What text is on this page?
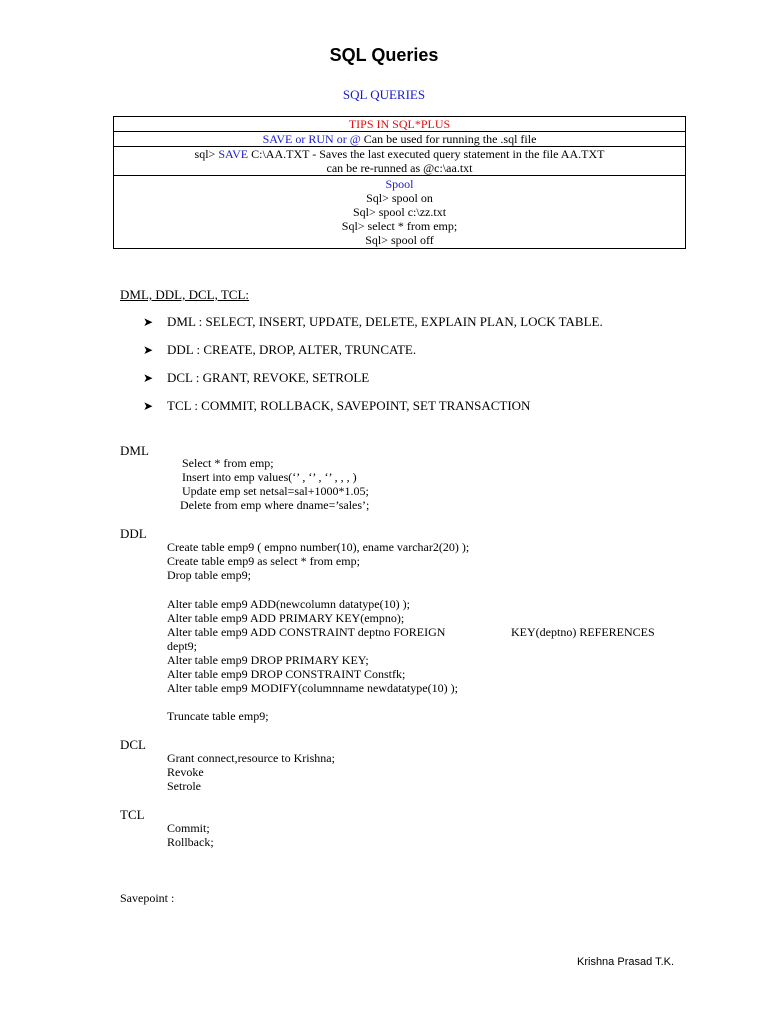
SQL Queries
SQL QUERIES
TIPS IN SQL*PLUS
SAVE or RUN or @ Can be used for running the .sql file
sql> SAVE C:\AA.TXT - Saves the last executed query statement in the file AA.TXT
can be re-runned as @c:\aa.txt
Spool
Sql> spool on
Sql> spool c:\zz.txt
Sql> select * from emp;
Sql> spool off
DML, DDL, DCL, TCL:
➤ DML : SELECT, INSERT, UPDATE, DELETE, EXPLAIN PLAN, LOCK TABLE.
➤ DDL : CREATE, DROP, ALTER, TRUNCATE.
➤ DCL : GRANT, REVOKE, SETROLE
➤ TCL : COMMIT, ROLLBACK, SAVEPOINT, SET TRANSACTION
DML
Select * from emp;
Insert into emp values(‘’ , ‘’ , ‘’ , , , )
Update emp set netsal=sal+1000*1.05;
Delete from emp where dname=’sales’;
DDL
Create table emp9 ( empno number(10), ename varchar2(20) );
Create table emp9 as select * from emp;
Drop table emp9;
Alter table emp9 ADD(newcolumn datatype(10) );
Alter table emp9 ADD PRIMARY KEY(empno);
Alter table emp9 ADD CONSTRAINT deptno FOREIGN	KEY(deptno) REFERENCES
dept9;
Alter table emp9 DROP PRIMARY KEY;
Alter table emp9 DROP CONSTRAINT Constfk;
Alter table emp9 MODIFY(columnname newdatatype(10) );
Truncate table emp9;
DCL
Grant connect,resource to Krishna;
Revoke
Setrole
TCL
Commit;
Rollback;
Savepoint :
Krishna Prasad T.K.
